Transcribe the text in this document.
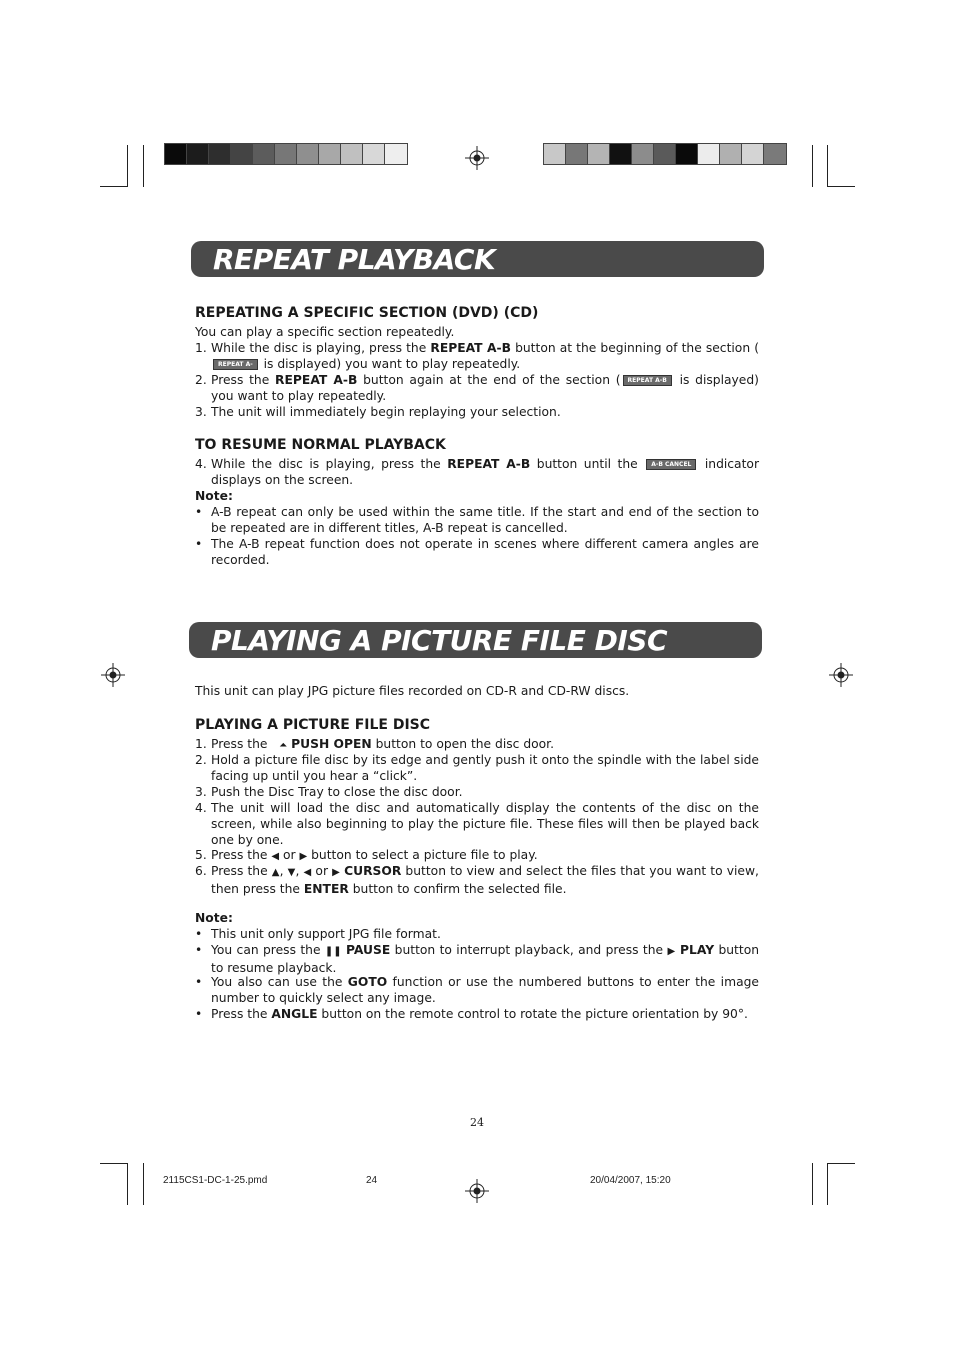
REPEAT PLAYBACK
REPEATING A SPECIFIC SECTION (DVD) (CD)
You can play a specific section repeatedly.
1. While the disc is playing, press the REPEAT A-B button at the beginning of the section (REPEAT A- is displayed) you want to play repeatedly.
2. Press the REPEAT A-B button again at the end of the section ( REPEAT A-B is displayed) you want to play repeatedly.
3. The unit will immediately begin replaying your selection.
TO RESUME NORMAL PLAYBACK
4. While the disc is playing, press the REPEAT A-B button until the A-B CANCEL indicator displays on the screen.
Note:
• A-B repeat can only be used within the same title. If the start and end of the section to be repeated are in different titles, A-B repeat is cancelled.
• The A-B repeat function does not operate in scenes where different camera angles are recorded.
PLAYING A PICTURE FILE DISC
This unit can play JPG picture files recorded on CD-R and CD-RW discs.
PLAYING A PICTURE FILE DISC
1. Press the   ⏶ PUSH OPEN button to open the disc door.
2. Hold a picture file disc by its edge and gently push it onto the spindle with the label side facing up until you hear a “click”.
3. Push the Disc Tray to close the disc door.
4. The unit will load the disc and automatically display the contents of the disc on the screen, while also beginning to play the picture file. These files will then be played back one by one.
5. Press the ◀ or ▶ button to select a picture file to play.
6. Press the ▲, ▼, ◀ or ▶ CURSOR button to view and select the files that you want to view, then press the ENTER button to confirm the selected file.
Note:
• This unit only support JPG file format.
• You can press the ❚❚ PAUSE button to interrupt playback, and press the ▶ PLAY button to resume playback.
• You also can use the GOTO function or use the numbered buttons to enter the image number to quickly select any image.
• Press the ANGLE button on the remote control to rotate the picture orientation by 90°.
24
2115CS1-DC-1-25.pmd	24	20/04/2007, 15:20
